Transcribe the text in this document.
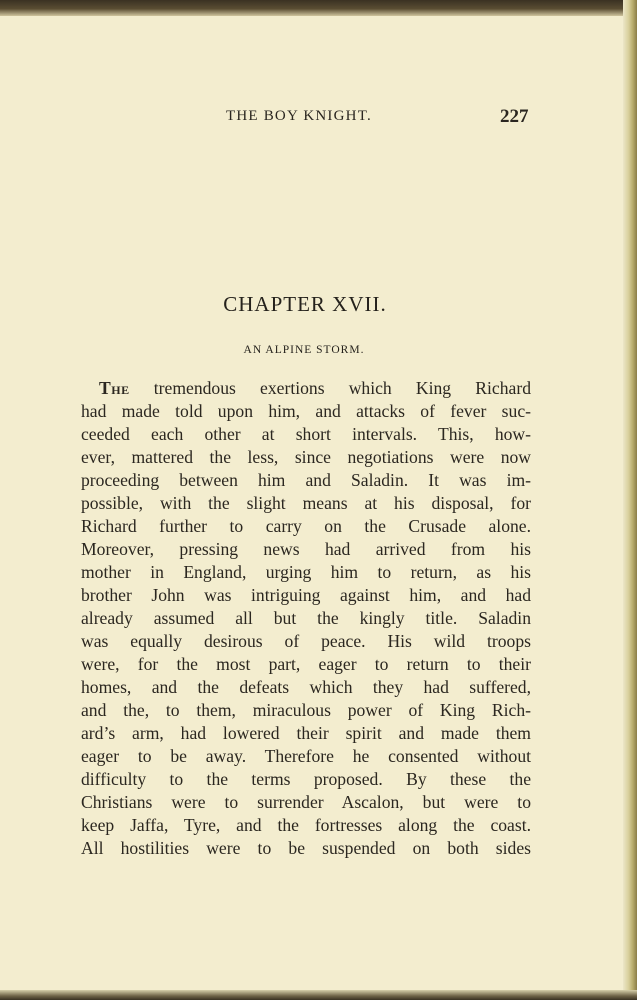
THE BOY KNIGHT.	227
CHAPTER XVII.
AN ALPINE STORM.
The tremendous exertions which King Richard
had made told upon him, and attacks of fever suc-
ceeded each other at short intervals. This, how-
ever, mattered the less, since negotiations were now
proceeding between him and Saladin. It was im-
possible, with the slight means at his disposal, for
Richard further to carry on the Crusade alone.
Moreover, pressing news had arrived from his
mother in England, urging him to return, as his
brother John was intriguing against him, and had
already assumed all but the kingly title. Saladin
was equally desirous of peace. His wild troops
were, for the most part, eager to return to their
homes, and the defeats which they had suffered,
and the, to them, miraculous power of King Rich-
ard’s arm, had lowered their spirit and made them
eager to be away. Therefore he consented without
difficulty to the terms proposed. By these the
Christians were to surrender Ascalon, but were to
keep Jaffa, Tyre, and the fortresses along the coast.
All hostilities were to be suspended on both sides
